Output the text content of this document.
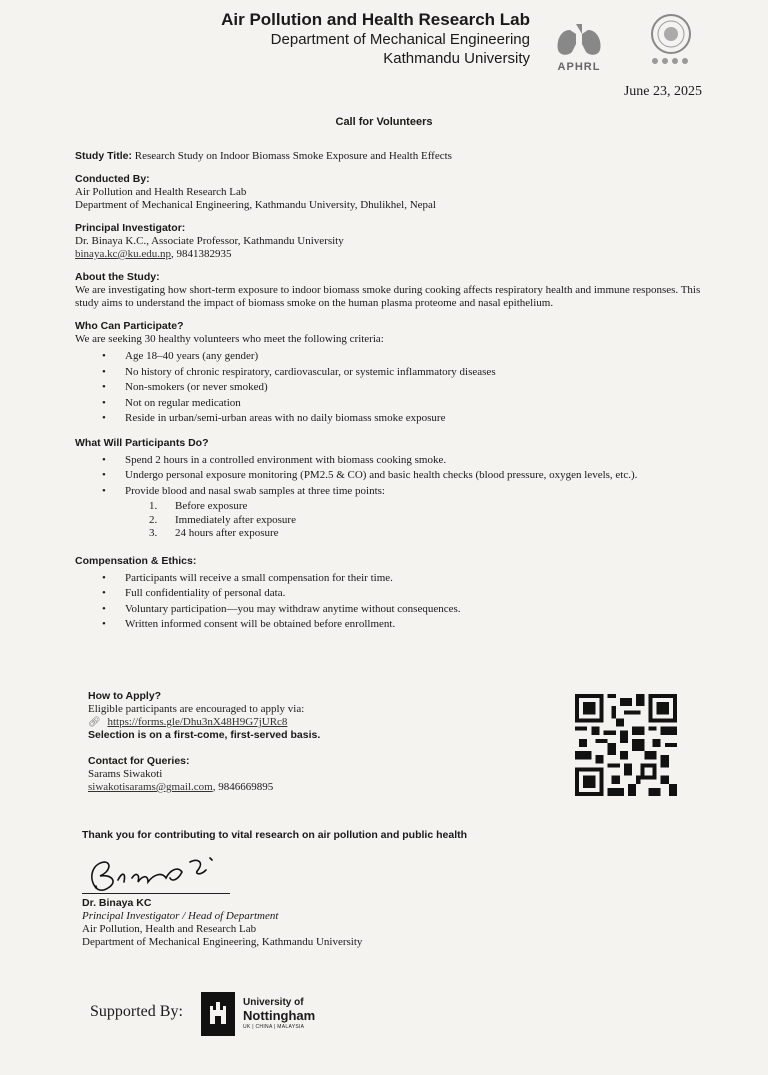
Air Pollution and Health Research Lab
Department of Mechanical Engineering
Kathmandu University	APHRL
June 23, 2025
Call for Volunteers
Study Title: Research Study on Indoor Biomass Smoke Exposure and Health Effects
Conducted By:
Air Pollution and Health Research Lab
Department of Mechanical Engineering, Kathmandu University, Dhulikhel, Nepal
Principal Investigator:
Dr. Binaya K.C., Associate Professor, Kathmandu University
binaya.kc@ku.edu.np, 9841382935
About the Study:
We are investigating how short-term exposure to indoor biomass smoke during cooking affects respiratory health and immune responses. This study aims to understand the impact of biomass smoke on the human plasma proteome and nasal epithelium.
Who Can Participate?
We are seeking 30 healthy volunteers who meet the following criteria:
• Age 18–40 years (any gender)
• No history of chronic respiratory, cardiovascular, or systemic inflammatory diseases
• Non-smokers (or never smoked)
• Not on regular medication
• Reside in urban/semi-urban areas with no daily biomass smoke exposure
What Will Participants Do?
• Spend 2 hours in a controlled environment with biomass cooking smoke.
• Undergo personal exposure monitoring (PM2.5 & CO) and basic health checks (blood pressure, oxygen levels, etc.).
• Provide blood and nasal swab samples at three time points:
1. Before exposure
2. Immediately after exposure
3. 24 hours after exposure
Compensation & Ethics:
• Participants will receive a small compensation for their time.
• Full confidentiality of personal data.
• Voluntary participation—you may withdraw anytime without consequences.
• Written informed consent will be obtained before enrollment.
How to Apply?
Eligible participants are encouraged to apply via:
🔗︎ https://forms.gle/Dhu3nX48H9G7jURc8
Selection is on a first-come, first-served basis.
Contact for Queries:
Sarams Siwakoti
siwakotisarams@gmail.com, 9846669895
Thank you for contributing to vital research on air pollution and public health
Dr. Binaya KC
Principal Investigator / Head of Department
Air Pollution, Health and Research Lab
Department of Mechanical Engineering, Kathmandu University
Supported By:
University of
Nottingham
UK | CHINA | MALAYSIA
